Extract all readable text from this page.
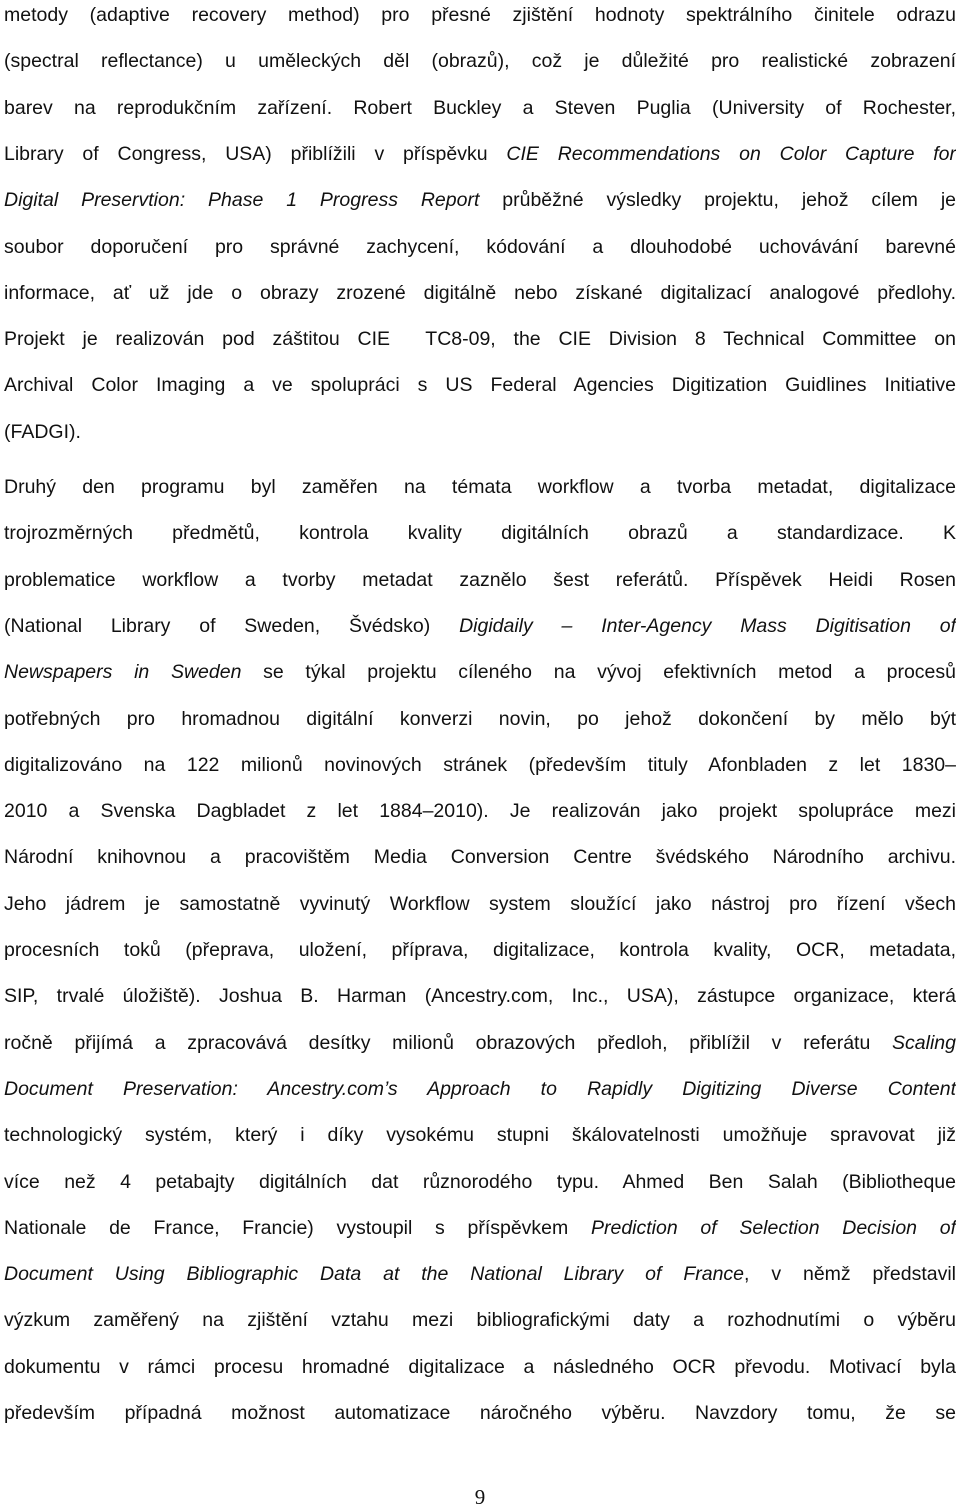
metody (adaptive recovery method) pro přesné zjištění hodnoty spektrálního činitele odrazu
(spectral reflectance) u uměleckých děl (obrazů), což je důležité pro realistické zobrazení
barev na reprodukčním zařízení. Robert Buckley a Steven Puglia (University of Rochester,
Library of Congress, USA) přiblížili v příspěvku CIE Recommendations on Color Capture for
Digital Preservtion: Phase 1 Progress Report průběžné výsledky projektu, jehož cílem je
soubor doporučení pro správné zachycení, kódování a dlouhodobé uchovávání barevné
informace, ať už jde o obrazy zrozené digitálně nebo získané digitalizací analogové předlohy.
Projekt je realizován pod záštitou CIE  TC8-09, the CIE Division 8 Technical Committee on
Archival Color Imaging a ve spolupráci s US Federal Agencies Digitization Guidlines Initiative
(FADGI).
Druhý den programu byl zaměřen na témata workflow a tvorba metadat, digitalizace
trojrozměrných předmětů, kontrola kvality digitálních obrazů a standardizace. K
problematice workflow a tvorby metadat zaznělo šest referátů. Příspěvek Heidi Rosen
(National Library of Sweden, Švédsko) Digidaily – Inter-Agency Mass Digitisation of
Newspapers in Sweden se týkal projektu cíleného na vývoj efektivních metod a procesů
potřebných pro hromadnou digitální konverzi novin, po jehož dokončení by mělo být
digitalizováno na 122 milionů novinových stránek (především tituly Afonbladen z let 1830–
2010 a Svenska Dagbladet z let 1884–2010). Je realizován jako projekt spolupráce mezi
Národní knihovnou a pracovištěm Media Conversion Centre švédského Národního archivu.
Jeho jádrem je samostatně vyvinutý Workflow system sloužící jako nástroj pro řízení všech
procesních toků (přeprava, uložení, příprava, digitalizace, kontrola kvality, OCR, metadata,
SIP, trvalé úložiště). Joshua B. Harman (Ancestry.com, Inc., USA), zástupce organizace, která
ročně přijímá a zpracovává desítky milionů obrazových předloh, přiblížil v referátu Scaling
Document Preservation: Ancestry.com’s Approach to Rapidly Digitizing Diverse Content
technologický systém, který i díky vysokému stupni škálovatelnosti umožňuje spravovat již
více než 4 petabajty digitálních dat různorodého typu. Ahmed Ben Salah (Bibliotheque
Nationale de France, Francie) vystoupil s příspěvkem Prediction of Selection Decision of
Document Using Bibliographic Data at the National Library of France, v němž představil
výzkum zaměřený na zjištění vztahu mezi bibliografickými daty a rozhodnutími o výběru
dokumentu v rámci procesu hromadné digitalizace a následného OCR převodu. Motivací byla
především případná možnost automatizace náročného výběru. Navzdory tomu, že se
9
